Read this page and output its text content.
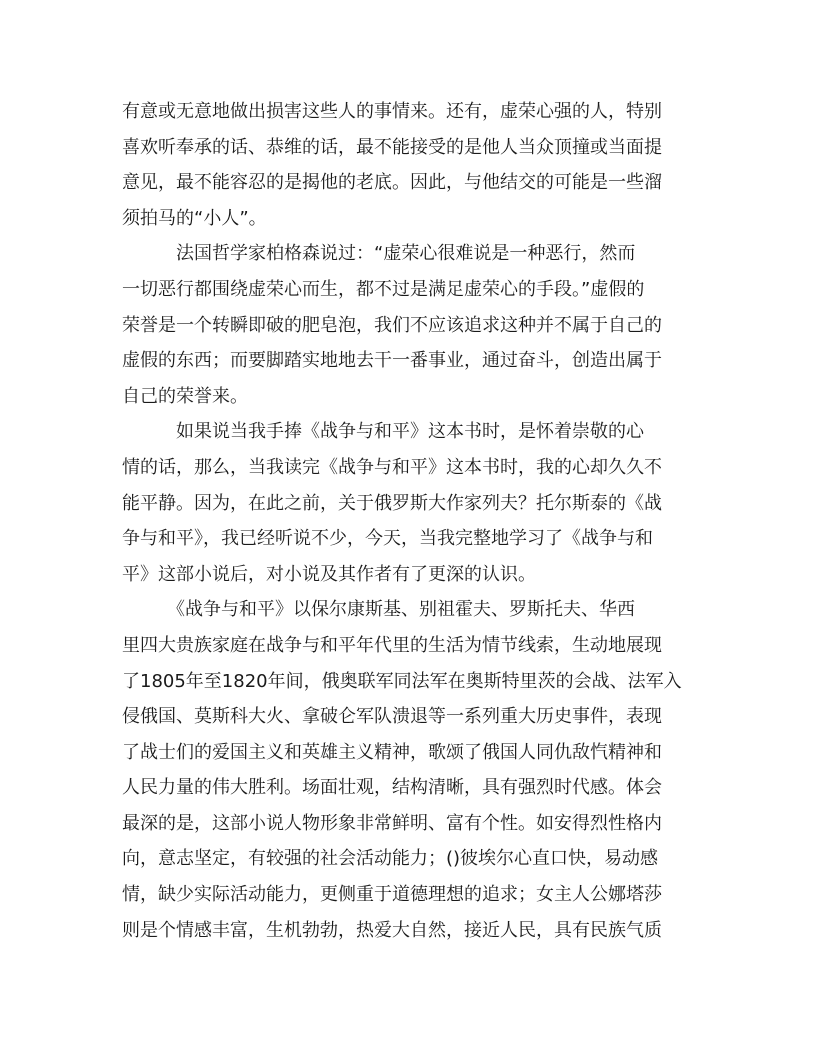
有意或无意地做出损害这些人的事情来。还有，虚荣心强的人，特别
喜欢听奉承的话、恭维的话，最不能接受的是他人当众顶撞或当面提
意见，最不能容忍的是揭他的老底。因此，与他结交的可能是一些溜
须拍马的“小人”。
　　　法国哲学家柏格森说过：“虚荣心很难说是一种恶行，然而
一切恶行都围绕虚荣心而生，都不过是满足虚荣心的手段。”虚假的
荣誉是一个转瞬即破的肥皂泡，我们不应该追求这种并不属于自己的
虚假的东西；而要脚踏实地地去干一番事业，通过奋斗，创造出属于
自己的荣誉来。
　　　如果说当我手捧《战争与和平》这本书时，是怀着崇敬的心
情的话，那么，当我读完《战争与和平》这本书时，我的心却久久不
能平静。因为，在此之前，关于俄罗斯大作家列夫？托尔斯泰的《战
争与和平》，我已经听说不少，今天，当我完整地学习了《战争与和
平》这部小说后，对小说及其作者有了更深的认识。
　　　《战争与和平》以保尔康斯基、别祖霍夫、罗斯托夫、华西
里四大贵族家庭在战争与和平年代里的生活为情节线索，生动地展现
了1805年至1820年间，俄奥联军同法军在奥斯特里茨的会战、法军入
侵俄国、莫斯科大火、拿破仑军队溃退等一系列重大历史事件，表现
了战士们的爱国主义和英雄主义精神，歌颂了俄国人同仇敌忾精神和
人民力量的伟大胜利。场面壮观，结构清晰，具有强烈时代感。体会
最深的是，这部小说人物形象非常鲜明、富有个性。如安得烈性格内
向，意志坚定，有较强的社会活动能力；()彼埃尔心直口快，易动感
情，缺少实际活动能力，更侧重于道德理想的追求；女主人公娜塔莎
则是个情感丰富，生机勃勃，热爱大自然，接近人民，具有民族气质
